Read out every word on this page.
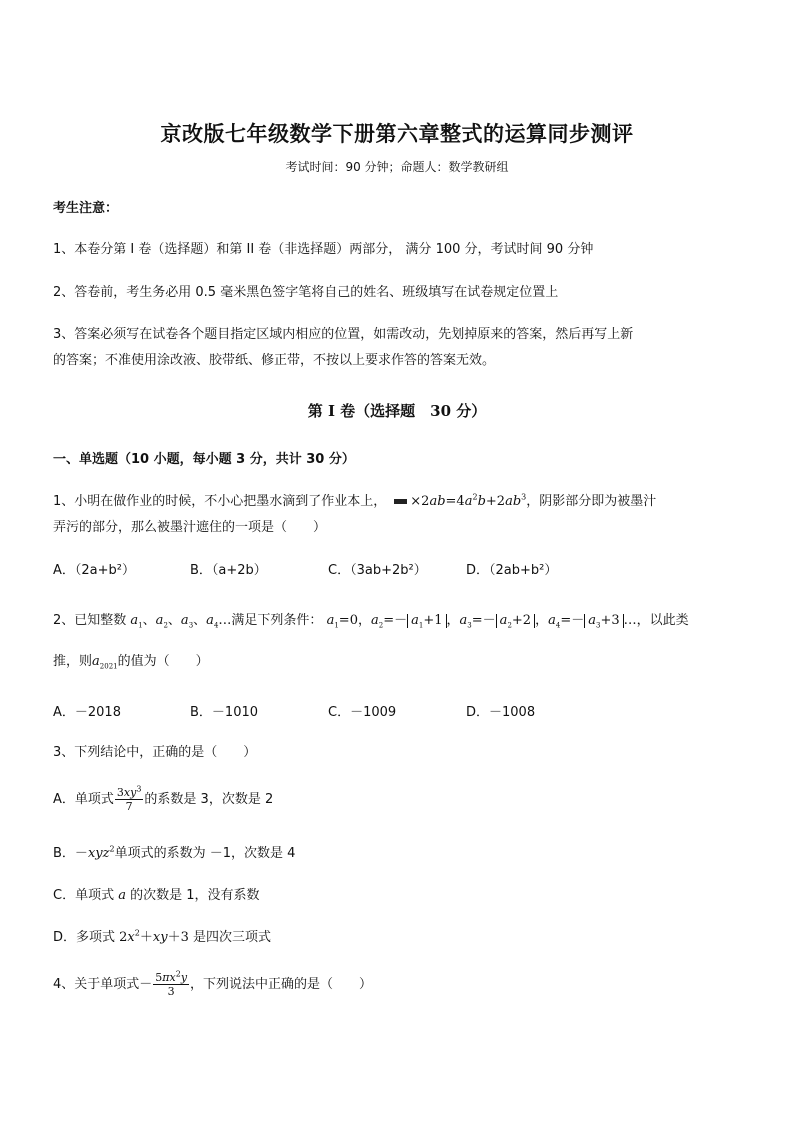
京改版七年级数学下册第六章整式的运算同步测评
考试时间：90 分钟；命题人：数学教研组
考生注意：
1、本卷分第 I 卷（选择题）和第 II 卷（非选择题）两部分， 满分 100 分，考试时间 90 分钟
2、答卷前，考生务必用 0.5 毫米黑色签字笔将自己的姓名、班级填写在试卷规定位置上
3、答案必须写在试卷各个题目指定区域内相应的位置，如需改动，先划掉原来的答案，然后再写上新
的答案；不准使用涂改液、胶带纸、修正带，不按以上要求作答的答案无效。
第 I 卷（选择题　30 分）
一、单选题（10 小题，每小题 3 分，共计 30 分）
1、小明在做作业的时候，不小心把墨水滴到了作业本上， $\times 2ab=4a^2b+2ab^3$，阴影部分即为被墨汁
弄污的部分，那么被墨汁遮住的一项是（　　）
A．（2a+b²）	B．（a+2b）	C．（3ab+2b²）	D．（2ab+b²）
2、已知整数 $a_1$、$a_2$、$a_3$、$a_4\dots$满足下列条件： $a_1=0$，$a_2=- a_1+1$ ，$a_3=- a_2+2$ ，$a_4=- a_3+3$ …，以此类
推，则$a_{2021}$的值为（　　）
A．－2018	B．－1010	C．－1009	D．－1008
3、下列结论中，正确的是（　　）
A．单项式 $\frac{3xy^3}{7}$ 的系数是 3，次数是 2
B．－xyz$^2$单项式的系数为 －1，次数是 4
C．单项式 a 的次数是 1，没有系数
D．多项式 $2x^2+xy+3$ 是四次三项式
4、关于单项式－ $\frac{5\pi x^2y}{3}$ ，下列说法中正确的是（　　）
